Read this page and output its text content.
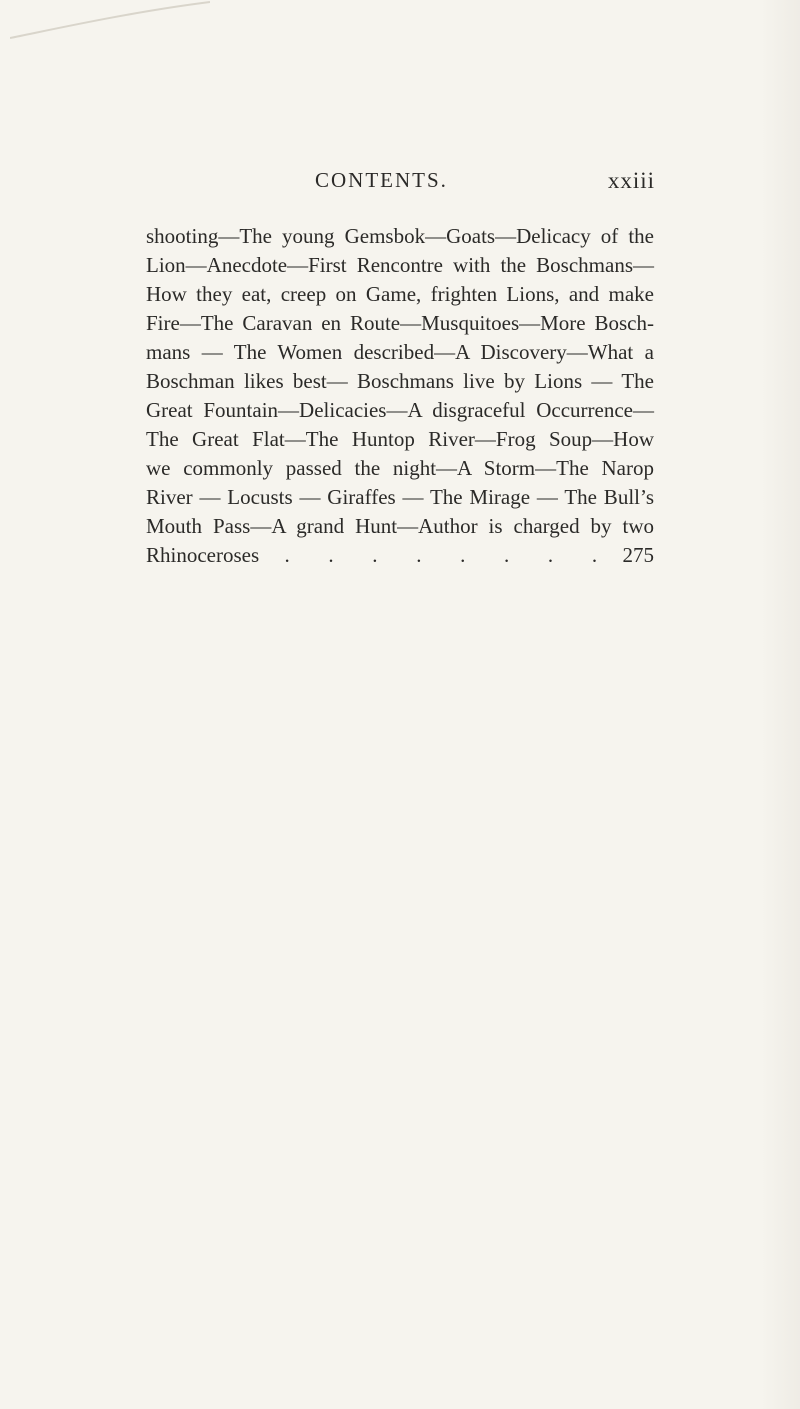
CONTENTS.	xxiii
shooting—The young Gemsbok—Goats—Delicacy of the
Lion—Anecdote—First Rencontre with the Boschmans—
How they eat, creep on Game, frighten Lions, and make
Fire—The Caravan en Route—Musquitoes—More Bosch-
mans — The Women described—A Discovery—What a
Boschman likes best— Boschmans live by Lions — The
Great Fountain—Delicacies—A disgraceful Occurrence—
The Great Flat—The Huntop River—Frog Soup—How
we commonly passed the night—A Storm—The Narop
River — Locusts — Giraffes — The Mirage — The Bull’s
Mouth Pass—A grand Hunt—Author is charged by two
Rhinoceroses . . . . . . . . 275
